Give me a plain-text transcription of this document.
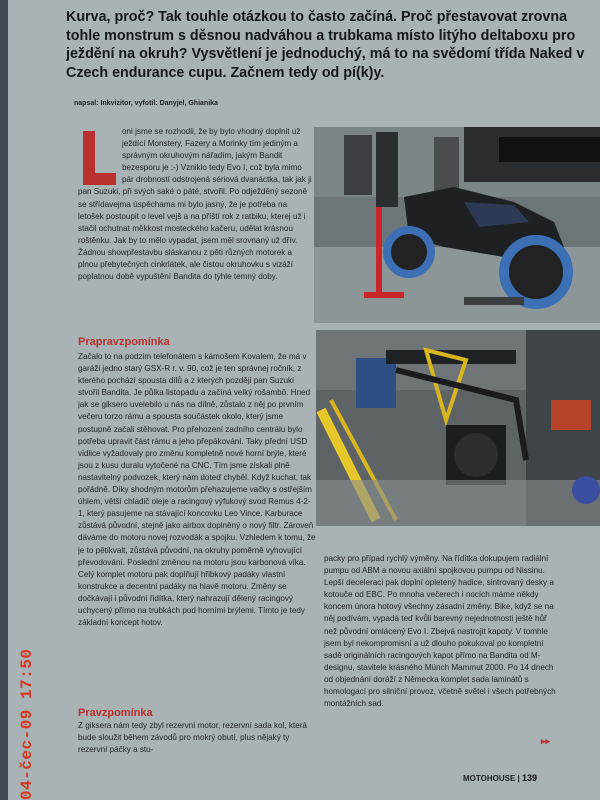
Kurva, proč? Tak touhle otázkou to často začíná. Proč přestavovat zrovna tohle monstrum s děsnou nadváhou a trubkama místo litýho deltaboxu pro ježdění na okruh? Vysvětlení je jednoduchý, má to na svědomí třída Naked v Czech endurance cupu. Začnem tedy od pí(k)y.
napsal: Inkvizitor, vyfotil: Danyjel, Ghianika

oni jsme se rozhodli, že by bylo vhodný doplnit už ježdící Monstery, Fazery a Morinky tím jediným a správným okruhovým nářadím, jakým Bandit bezesporu je :-) Vzniklo tedy Evo I, což byla mimo pár drobností odstrojená sériová dvanáctka, tak jak ji pan Suzuki, při svých saké o páté, stvořil. Po odježděný sezoně se střídavejma úspěchama mi bylo jasný, že je potřeba na letošek postoupit o level vejš a na příští rok z ratbiku, kterej už i stačil ochutnat měkkost mosteckého kačeru, udělat krásnou roštěnku. Jak by to mělo vypadat, jsem měl srovnaný už dřív. Žádnou showpřestavbu sláskanou z pěti různých motorek a plnou přebytečných cinkrlátek, ale čistou okruhovku s vizáží poplatnou době vypuštění Bandita do týhle temný doby.

Prapravzpomínka

Začalo to na podzim telefonátem s kámošem Kovalem, že má v garáži jedno starý GSX-R r. v. 90, což je ten správnej ročník, z kterého pochází spousta dílů a z kterých později pan Suzuki stvořil Bandita. Je půlka listopadu a začíná velký rošambô. Hned jak se giksero uvelebilo u nás na dílně, zůstalo z něj po prvním večeru torzo rámu a spousta součástek okolo, který jsme postupně začali stěhovat. Pro přehození zadního centrálu bylo potřeba upravit část rámu a jeho přepákování. Taky přední USD vidlice vyžadovaly pro změnu kompletně nové horní brýle, které jsou z kusu duralu vytočené na CNC. Tím jsme získali plně nastavitelný podvozek, který nám doteď chyběl. Když kuchat, tak pořádně. Díky shodným motorům přehazujeme vačky s ostřejším úhlem, větší chladič oleje a racingový výfukový svod Remus 4-2-1, který pasujeme na stávající koncovku Leo Vince. Karburace zůstává původní, stejně jako airbox doplněný o nový filtr. Zároveň dáváme do motoru novej rozvodák a spojku. Vzhledem k tomu, že je to pětikvalt, zůstává původní, na okruhy poměrně vyhovující převodování. Poslední změnou na motoru jsou karbonová víka. Celý komplet motoru pak doplňují hřibkový padáky vlastní konstrukce a decentní padáky na hlavě motoru. Změny se dočkávají i původní řidítka, který nahrazují dělený racingový uchycený přímo na trubkách pod horními brýlemi. Tímto je tedy základní koncept hotov.

Pravzpomínka

Z giksera nám tedy zbyl rezervní motor, rezervní sada kol, která bude sloužit během závodů pro mokrý obutí, plus nějaký ty rezervní páčky a stu-

packy pro případ rychlý výměny. Na řídítka dokupujem radiální pumpu od ABM a novou axiální spojkovou pumpu od Nissinu. Lepší deceleraci pak doplní opletený hadice, sintrovaný desky a kotouče od EBC. Po mnoha večerech i nocích máme někdy koncem února hotový všechny zásadní změny. Bike, když se na něj podívám, vypadá teď kvůli barevný nejednotnosti ještě hůř než původní omlácený Evo I. Zbejvá nastrojit kapoty. V tomhle jsem byl nekompromisní a už dlouho pokukoval po kompletní sadě originálních racingových kapot přímo na Bandita od M-designu, stavitele krásného Münch Mammut 2000. Po 14 dnech od objednání doráží z Německa komplet sada laminátů s homologací pro silniční provoz, včetně světel i všech potřebných montážních sad.

▸▸
MOTOHOUSE | 139
04-čec-09 17:50
